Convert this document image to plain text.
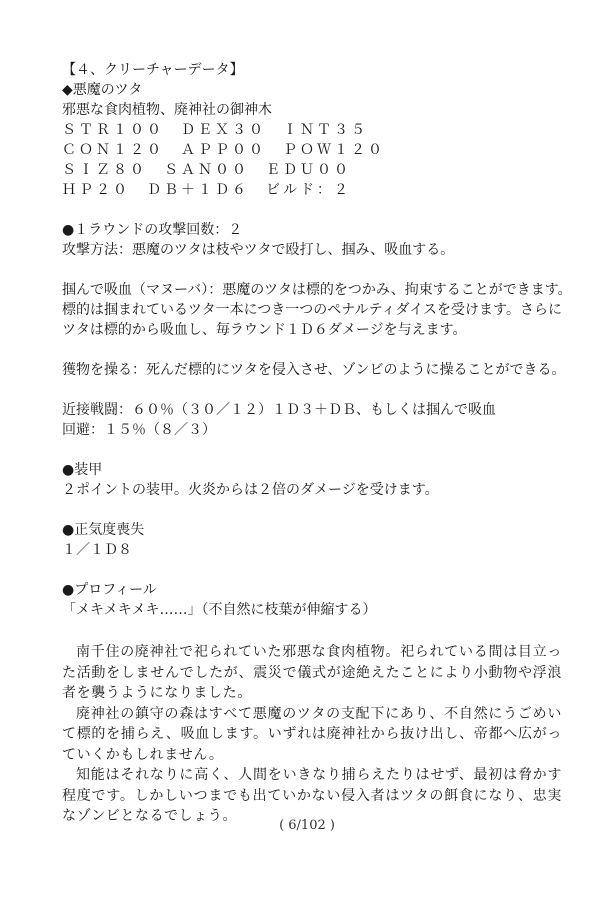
【４、クリーチャーデータ】
◆悪魔のツタ
邪悪な食肉植物、廃神社の御神木
ＳＴＲ１００　ＤＥＸ３０　ＩＮＴ３５
ＣＯＮ１２０　ＡＰＰ００　ＰＯＷ１２０
ＳＩＺ８０　ＳＡＮ００　ＥＤＵ００
ＨＰ２０　ＤＢ＋１Ｄ６　ビルド：２
●１ラウンドの攻撃回数：２
攻撃方法：悪魔のツタは枝やツタで殴打し、掴み、吸血する。
掴んで吸血（マヌーバ）：悪魔のツタは標的をつかみ、拘束することができます。
標的は掴まれているツタ一本につき一つのペナルティダイスを受けます。さらに
ツタは標的から吸血し、毎ラウンド１Ｄ６ダメージを与えます。
獲物を操る：死んだ標的にツタを侵入させ、ゾンビのように操ることができる。
近接戦闘：６０％（３０／１２）１Ｄ３＋ＤＢ、もしくは掴んで吸血
回避：１５％（８／３）
●装甲
２ポイントの装甲。火炎からは２倍のダメージを受けます。
●正気度喪失
１／１Ｄ８
●プロフィール
「メキメキメキ……」（不自然に枝葉が伸縮する）

南千住の廃神社で祀られていた邪悪な食肉植物。祀られている間は目立った活動をしませんでしたが、震災で儀式が途絶えたことにより小動物や浮浪者を襲うようになりました。

廃神社の鎮守の森はすべて悪魔のツタの支配下にあり、不自然にうごめいて標的を捕らえ、吸血します。いずれは廃神社から抜け出し、帝都へ広がっていくかもしれません。

知能はそれなりに高く、人間をいきなり捕らえたりはせず、最初は脅かす程度です。しかしいつまでも出ていかない侵入者はツタの餌食になり、忠実なゾンビとなるでしょう。

( 6/102 )
